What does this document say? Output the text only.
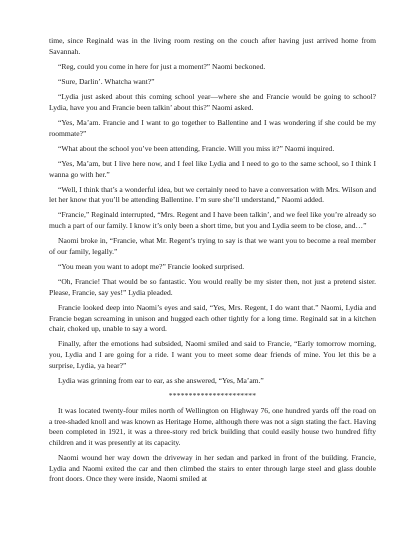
time, since Reginald was in the living room resting on the couch after having just arrived home from Savannah.

“Reg, could you come in here for just a moment?” Naomi beckoned.

“Sure, Darlin’. Whatcha want?”

“Lydia just asked about this coming school year—where she and Francie would be going to school? Lydia, have you and Francie been talkin’ about this?” Naomi asked.

“Yes, Ma’am. Francie and I want to go together to Ballentine and I was wondering if she could be my roommate?”

“What about the school you’ve been attending, Francie. Will you miss it?” Naomi inquired.

“Yes, Ma’am, but I live here now, and I feel like Lydia and I need to go to the same school, so I think I wanna go with her.”

“Well, I think that’s a wonderful idea, but we certainly need to have a conversation with Mrs. Wilson and let her know that you’ll be attending Ballentine. I’m sure she’ll understand,” Naomi added.

“Francie,” Reginald interrupted, “Mrs. Regent and I have been talkin’, and we feel like you’re already so much a part of our family. I know it’s only been a short time, but you and Lydia seem to be close, and…”

Naomi broke in, “Francie, what Mr. Regent’s trying to say is that we want you to become a real member of our family, legally.”

“You mean you want to adopt me?” Francie looked surprised.

“Oh, Francie! That would be so fantastic. You would really be my sister then, not just a pretend sister. Please, Francie, say yes!” Lydia pleaded.

Francie looked deep into Naomi’s eyes and said, “Yes, Mrs. Regent, I do want that.” Naomi, Lydia and Francie began screaming in unison and hugged each other tightly for a long time. Reginald sat in a kitchen chair, choked up, unable to say a word.

Finally, after the emotions had subsided, Naomi smiled and said to Francie, “Early tomorrow morning, you, Lydia and I are going for a ride. I want you to meet some dear friends of mine. You let this be a surprise, Lydia, ya hear?”

Lydia was grinning from ear to ear, as she answered, “Yes, Ma’am.”

**********************

It was located twenty-four miles north of Wellington on Highway 76, one hundred yards off the road on a tree-shaded knoll and was known as Heritage Home, although there was not a sign stating the fact. Having been completed in 1921, it was a three-story red brick building that could easily house two hundred fifty children and it was presently at its capacity.

Naomi wound her way down the driveway in her sedan and parked in front of the building. Francie, Lydia and Naomi exited the car and then climbed the stairs to enter through large steel and glass double front doors. Once they were inside, Naomi smiled at
